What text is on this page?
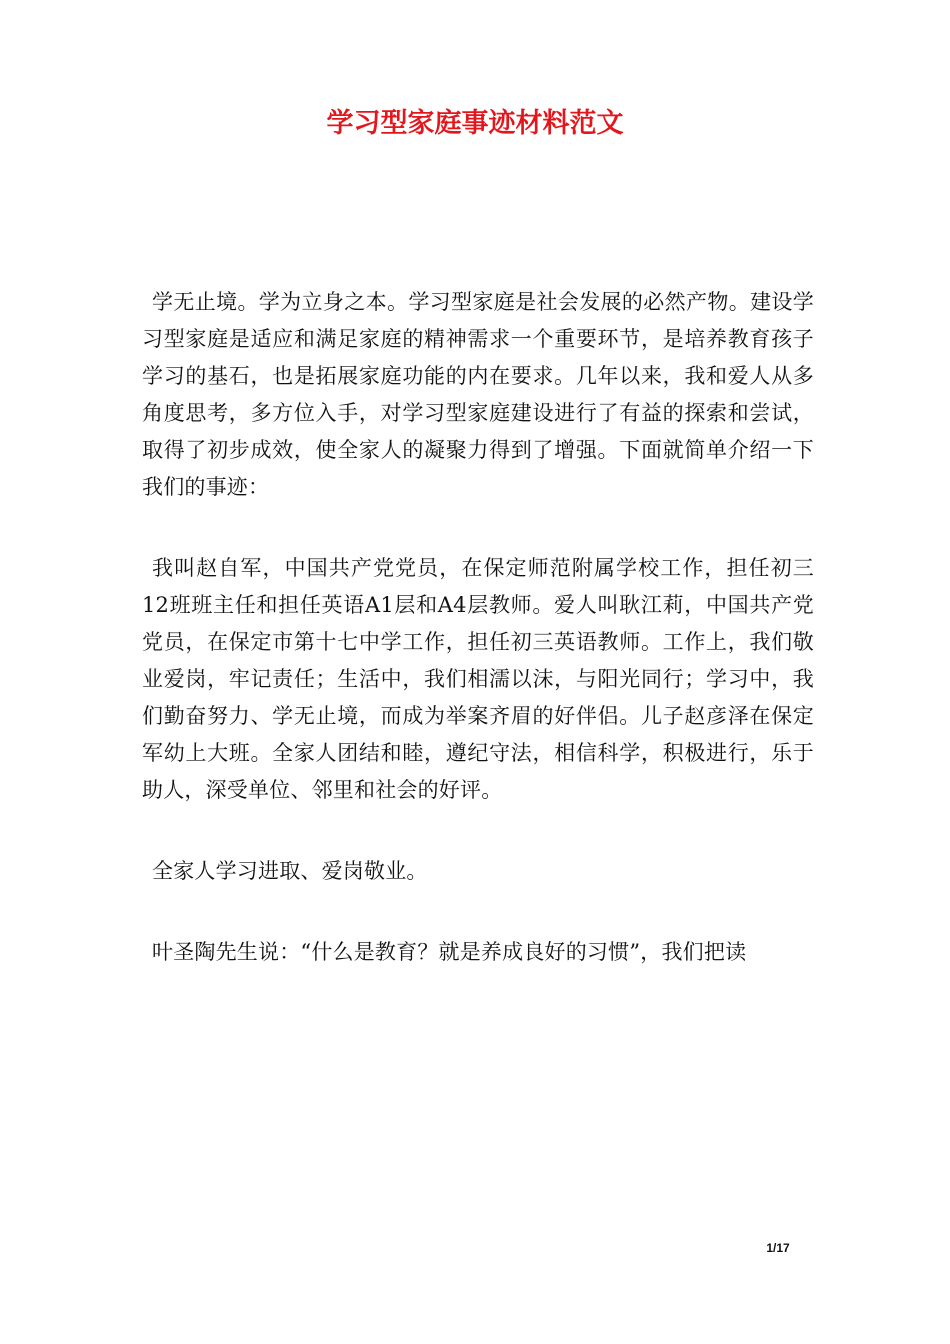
学习型家庭事迹材料范文

学无止境。学为立身之本。学习型家庭是社会发展的必然产物。建设学习型家庭是适应和满足家庭的精神需求一个重要环节，是培养教育孩子学习的基石，也是拓展家庭功能的内在要求。几年以来，我和爱人从多角度思考，多方位入手，对学习型家庭建设进行了有益的探索和尝试，取得了初步成效，使全家人的凝聚力得到了增强。下面就简单介绍一下我们的事迹：

我叫赵自军，中国共产党党员，在保定师范附属学校工作，担任初三12班班主任和担任英语A1层和A4层教师。爱人叫耿江莉，中国共产党党员，在保定市第十七中学工作，担任初三英语教师。工作上，我们敬业爱岗，牢记责任；生活中，我们相濡以沫，与阳光同行；学习中，我们勤奋努力、学无止境，而成为举案齐眉的好伴侣。儿子赵彦泽在保定军幼上大班。全家人团结和睦，遵纪守法，相信科学，积极进行，乐于助人，深受单位、邻里和社会的好评。

全家人学习进取、爱岗敬业。

叶圣陶先生说：“什么是教育？就是养成良好的习惯”，我们把读

1/17
